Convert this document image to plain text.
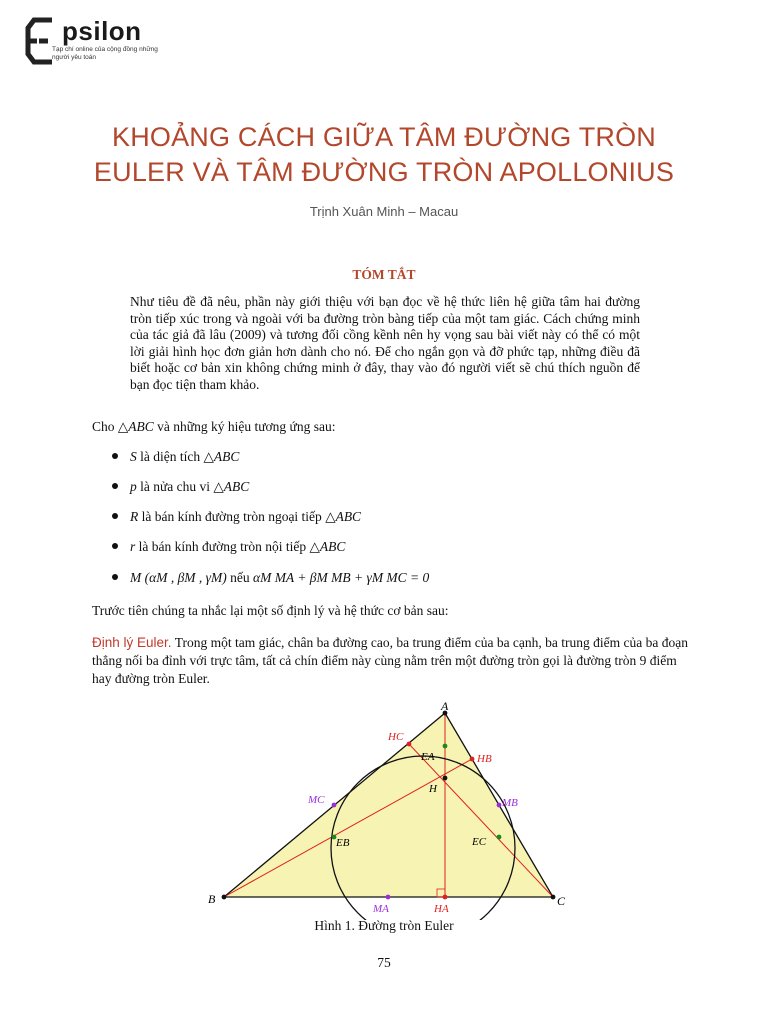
psilon
Tạp chí online của cộng đồng những người yêu toán
KHOẢNG CÁCH GIỮA TÂM ĐƯỜNG TRÒN
EULER VÀ TÂM ĐƯỜNG TRÒN APOLLONIUS
Trịnh Xuân Minh – Macau
TÓM TẮT
Như tiêu đề đã nêu, phần này giới thiệu với bạn đọc về hệ thức liên hệ giữa tâm hai đường tròn tiếp xúc trong và ngoài với ba đường tròn bàng tiếp của một tam giác. Cách chứng minh của tác giả đã lâu (2009) và tương đối cồng kềnh nên hy vọng sau bài viết này có thể có một lời giải hình học đơn giản hơn dành cho nó. Để cho ngắn gọn và đỡ phức tạp, những điều đã biết hoặc cơ bản xin không chứng minh ở đây, thay vào đó người viết sẽ chú thích nguồn để bạn đọc tiện tham khảo.
Cho △ABC và những ký hiệu tương ứng sau:
S là diện tích △ABC
p là nửa chu vi △ABC
R là bán kính đường tròn ngoại tiếp △ABC
r là bán kính đường tròn nội tiếp △ABC
M (αM , βM , γM) nếu αM MA + βM MB + γM MC = 0
Trước tiên chúng ta nhắc lại một số định lý và hệ thức cơ bản sau:
Định lý Euler. Trong một tam giác, chân ba đường cao, ba trung điểm của ba cạnh, ba trung điểm của ba đoạn thẳng nối ba đỉnh với trực tâm, tất cả chín điểm này cùng nằm trên một đường tròn gọi là đường tròn 9 điểm hay đường tròn Euler.
A
B	C
H
HA
HB
HC
MA
MB
MC
EA
EB	EC
Hình 1. Đường tròn Euler
75
